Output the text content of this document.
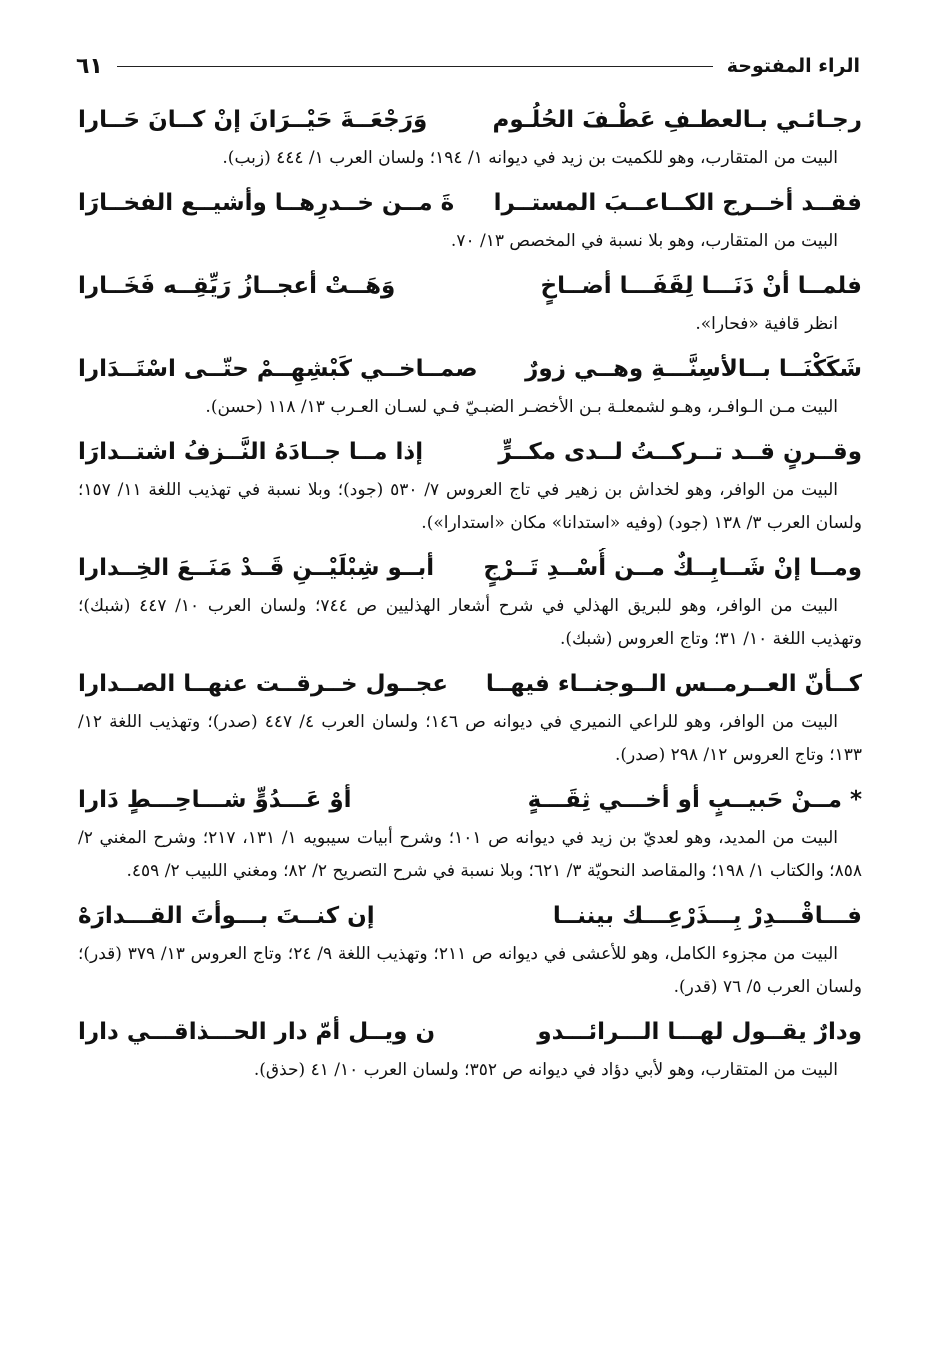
الراء المفتوحة
٦١
رجـائـي بـالعطـفِ عَطْـفَ الحُلُـوم
وَرَجْعَــةَ حَيْــرَانَ إنْ كــانَ حَــارا
البيت من المتقارب، وهو للكميت بن زيد في ديوانه ١/ ١٩٤؛ ولسان العرب ١/ ٤٤٤ (زبب).
فقــد أخــرج الكــاعــبَ المستــرا
ةَ مــن خــدرِهــا وأشيــع الفخــارَا
البيت من المتقارب، وهو بلا نسبة في المخصص ١٣/ ٧٠.
فلمــا أنْ دَنَـــا لِقَفَـــا أضــاخٍ
وَهَــتْ أعجــازُ رَيِّقِــه فَخَــارا
انظر قافية «فحارا».
شَكَكْنَــا بــالأسِنَّـــةِ وهــي زورٌ
صمــاخــي كَبْشِهِــمْ حتّــى اسْتَــدَارا
البيت مـن الـوافـر، وهـو لشمعلـة بـن الأخضـر الضبـيّ فـي لسـان العـرب ١٣/ ١١٨ (حسن).
وقــرنٍ قــد تــركــتُ لــدى مكــرٍّ
إذا مــا جــادَهُ النَّــزفُ اشتــدارَا
البيت من الوافر، وهو لخداش بن زهير في تاج العروس ٧/ ٥٣٠ (جود)؛ وبلا نسبة في تهذيب اللغة ١١/ ١٥٧؛ ولسان العرب ٣/ ١٣٨ (جود) (وفيه «استدانا» مكان «استدارا»).
ومــا إنْ شَــابِــكٌ مــن أُسْــدِ تَــرْجٍ
أبــو شِبْلَيْــنِ قَــدْ مَنَــعَ الخِــدارا
البيت من الوافر، وهو للبريق الهذلي في شرح أشعار الهذليين ص ٧٤٤؛ ولسان العرب ١٠/ ٤٤٧ (شبك)؛ وتهذيب اللغة ١٠/ ٣١؛ وتاج العروس (شبك).
كــأنّ العــرمــس الــوجنــاء فيهــا
عجــول خــرقــت عنهــا الصــدارا
البيت من الوافر، وهو للراعي النميري في ديوانه ص ١٤٦؛ ولسان العرب ٤/ ٤٤٧ (صدر)؛ وتهذيب اللغة ١٢/ ١٣٣؛ وتاج العروس ١٢/ ٢٩٨ (صدر).
* مــنْ حَبيــبٍ أو أخـــي ثِقَـــةٍ
أوْ عَـــدُوٍّ شـــاحِـــطٍ دَارا
البيت من المديد، وهو لعديّ بن زيد في ديوانه ص ١٠١؛ وشرح أبيات سيبويه ١/ ١٣١، ٢١٧؛ وشرح المغني ٢/ ٨٥٨؛ والكتاب ١/ ١٩٨؛ والمقاصد النحويّة ٣/ ٦٢١؛ وبلا نسبة في شرح التصريح ٢/ ٨٢؛ ومغني اللبيب ٢/ ٤٥٩.
فـــاقْـــدِرْ بِـــذَرْعِـــك بيننــا
إن كنــتَ بـــوأتَ القـــدارَهْ
البيت من مجزوء الكامل، وهو للأعشى في ديوانه ص ٢١١؛ وتهذيب اللغة ٩/ ٢٤؛ وتاج العروس ١٣/ ٣٧٩ (قدر)؛ ولسان العرب ٥/ ٧٦ (قدر).
ودارٌ يقــول لهـــا الـــرائـــدو
ن ويــل أمّ دار الحـــذاقـــي دارا
البيت من المتقارب، وهو لأبي دؤاد في ديوانه ص ٣٥٢؛ ولسان العرب ١٠/ ٤١ (حذق).
